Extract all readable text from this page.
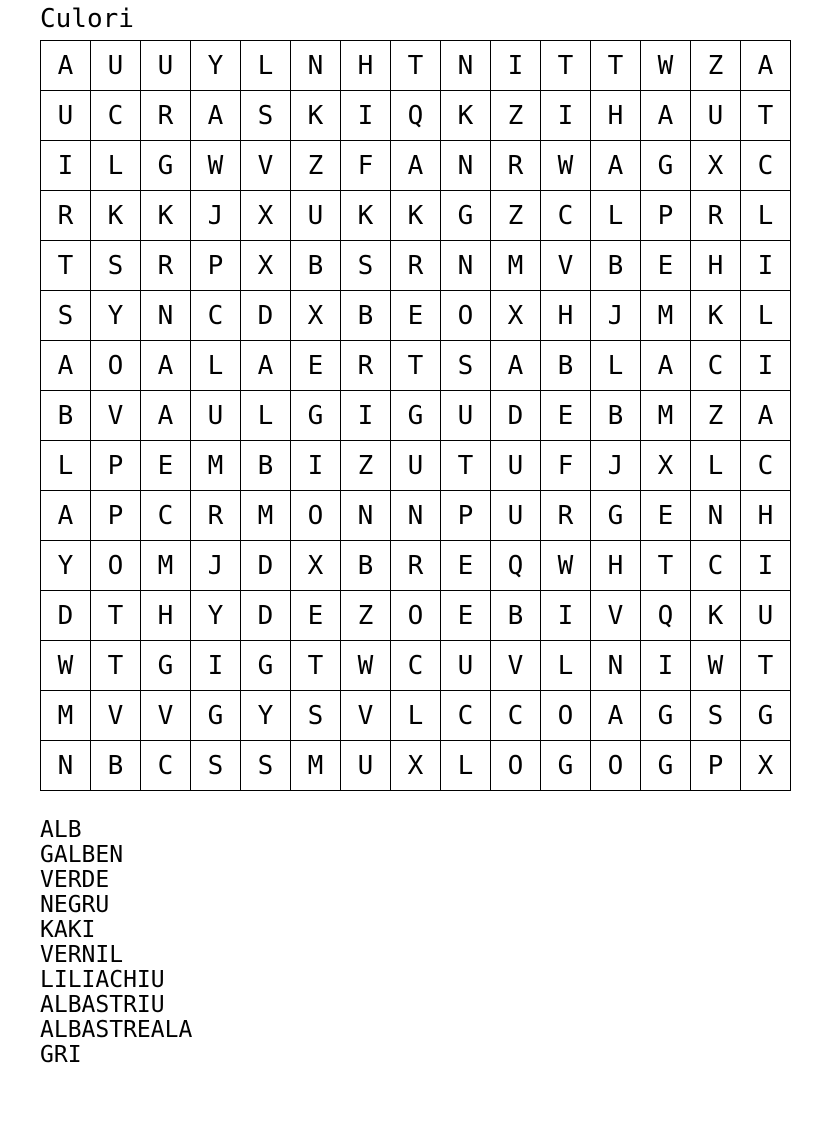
Culori
A	U	U	Y	L	N	H	T	N	I	T	T	W	Z	A
U	C	R	A	S	K	I	Q	K	Z	I	H	A	U	T
I	L	G	W	V	Z	F	A	N	R	W	A	G	X	C
R	K	K	J	X	U	K	K	G	Z	C	L	P	R	L
T	S	R	P	X	B	S	R	N	M	V	B	E	H	I
S	Y	N	C	D	X	B	E	O	X	H	J	M	K	L
A	O	A	L	A	E	R	T	S	A	B	L	A	C	I
B	V	A	U	L	G	I	G	U	D	E	B	M	Z	A
L	P	E	M	B	I	Z	U	T	U	F	J	X	L	C
A	P	C	R	M	O	N	N	P	U	R	G	E	N	H
Y	O	M	J	D	X	B	R	E	Q	W	H	T	C	I
D	T	H	Y	D	E	Z	O	E	B	I	V	Q	K	U
W	T	G	I	G	T	W	C	U	V	L	N	I	W	T
M	V	V	G	Y	S	V	L	C	C	O	A	G	S	G
N	B	C	S	S	M	U	X	L	O	G	O	G	P	X
ALB
GALBEN
VERDE
NEGRU
KAKI
VERNIL
LILIACHIU
ALBASTRIU
ALBASTREALA
GRI
